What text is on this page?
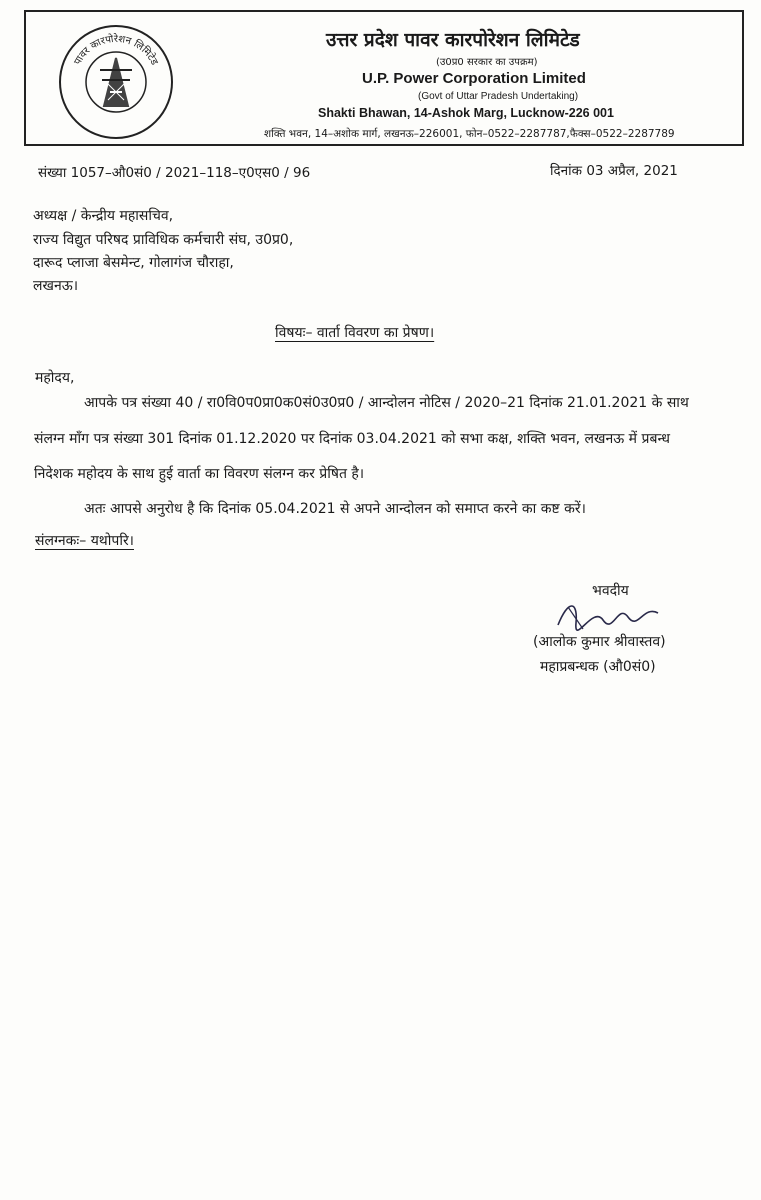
पावर कारपोरेशन लिमिटेड
उत्तर प्रदेश पावर कारपोरेशन लिमिटेड
(उ0प्र0 सरकार का उपक्रम)
U.P. Power Corporation Limited
(Govt of Uttar Pradesh Undertaking)
Shakti Bhawan, 14-Ashok Marg, Lucknow-226 001
शक्ति भवन, 14–अशोक मार्ग, लखनऊ–226001, फोन–0522–2287787,फैक्स–0522–2287789
संख्या 1057–औ0सं0 / 2021–118–ए0एस0 / 96	दिनांक 03 अप्रैल, 2021
अध्यक्ष / केन्द्रीय महासचिव,
राज्य विद्युत परिषद प्राविधिक कर्मचारी संघ, उ0प्र0,
दारूद प्लाजा बेसमेन्ट, गोलागंज चौराहा,
लखनऊ।
विषयः– वार्ता विवरण का प्रेषण।
महोदय,
आपके पत्र संख्या 40 / रा0वि0प0प्रा0क0सं0उ0प्र0 / आन्दोलन नोटिस / 2020–21 दिनांक 21.01.2021 के साथ
संलग्न माँग पत्र संख्या 301 दिनांक 01.12.2020 पर दिनांक 03.04.2021 को सभा कक्ष, शक्ति भवन, लखनऊ में प्रबन्ध
निदेशक महोदय के साथ हुई वार्ता का विवरण संलग्न कर प्रेषित है।
अतः आपसे अनुरोध है कि दिनांक 05.04.2021 से अपने आन्दोलन को समाप्त करने का कष्ट करें।
संलग्नकः– यथोपरि।
भवदीय
(आलोक कुमार श्रीवास्तव)
महाप्रबन्धक (औ0सं0)
